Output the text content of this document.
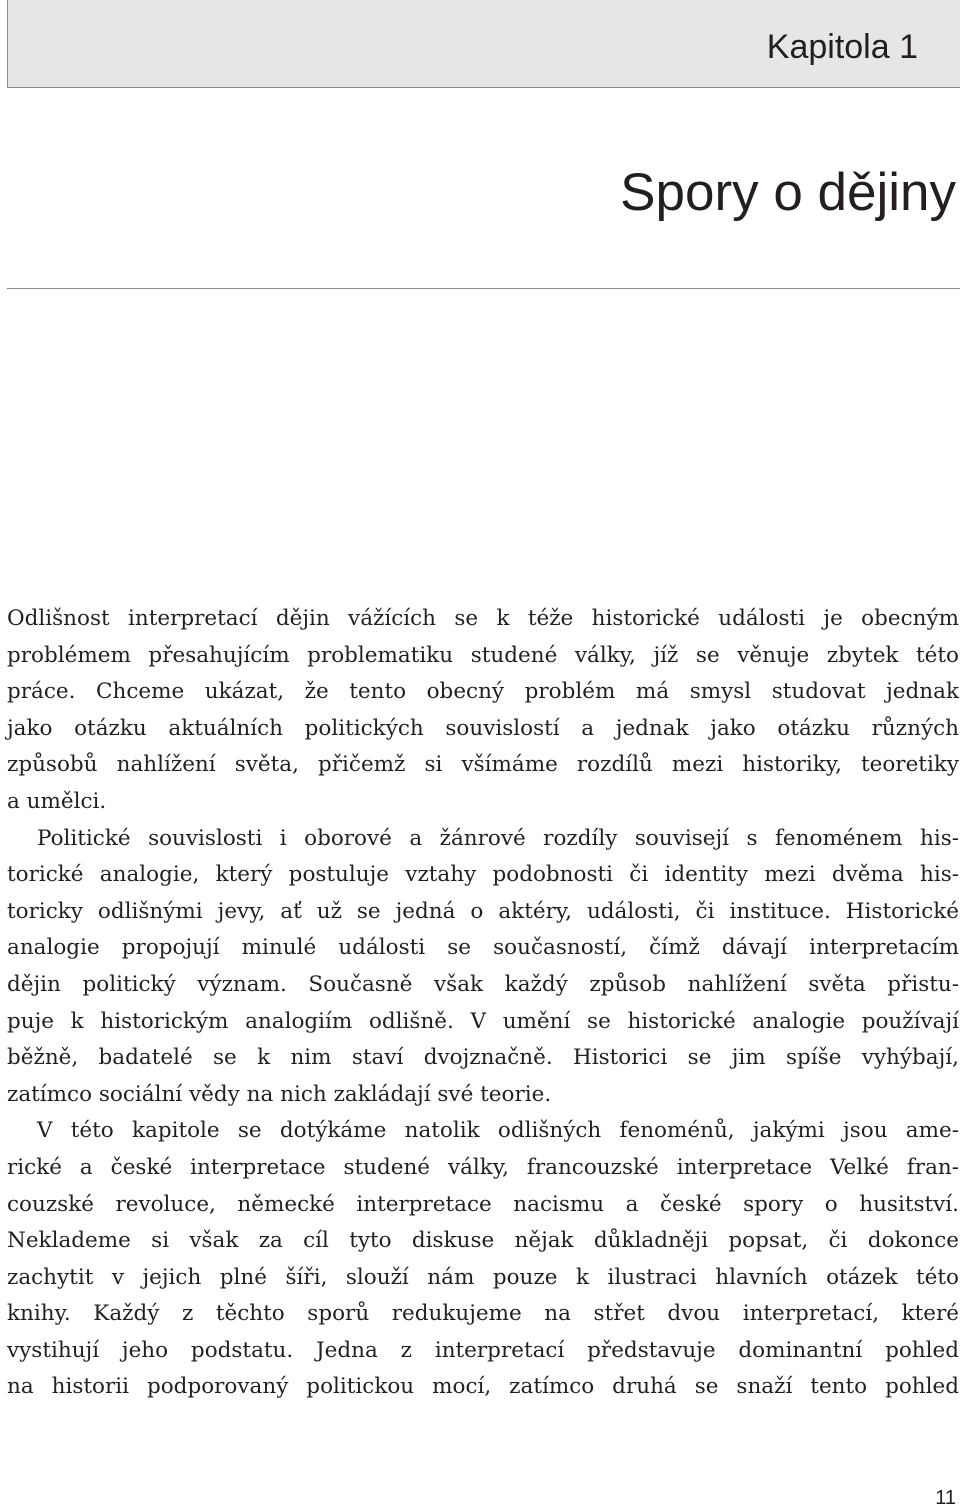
Kapitola 1
Spory o dějiny
Odlišnost interpretací dějin vážících se k téže historické události je obecným
problémem přesahujícím problematiku studené války, jíž se věnuje zbytek této
práce. Chceme ukázat, že tento obecný problém má smysl studovat jednak
jako otázku aktuálních politických souvislostí a jednak jako otázku různých
způsobů nahlížení světa, přičemž si všímáme rozdílů mezi historiky, teoretiky
a umělci.
Politické souvislosti i oborové a žánrové rozdíly souvisejí s fenoménem his-
torické analogie, který postuluje vztahy podobnosti či identity mezi dvěma his-
toricky odlišnými jevy, ať už se jedná o aktéry, události, či instituce. Historické
analogie propojují minulé události se současností, čímž dávají interpretacím
dějin politický význam. Současně však každý způsob nahlížení světa přistu-
puje k historickým analogiím odlišně. V umění se historické analogie používají
běžně, badatelé se k nim staví dvojznačně. Historici se jim spíše vyhýbají,
zatímco sociální vědy na nich zakládají své teorie.
V této kapitole se dotýkáme natolik odlišných fenoménů, jakými jsou ame-
rické a české interpretace studené války, francouzské interpretace Velké fran-
couzské revoluce, německé interpretace nacismu a české spory o husitství.
Neklademe si však za cíl tyto diskuse nějak důkladněji popsat, či dokonce
zachytit v jejich plné šíři, slouží nám pouze k ilustraci hlavních otázek této
knihy. Každý z těchto sporů redukujeme na střet dvou interpretací, které
vystihují jeho podstatu. Jedna z interpretací představuje dominantní pohled
na historii podporovaný politickou mocí, zatímco druhá se snaží tento pohled
11
